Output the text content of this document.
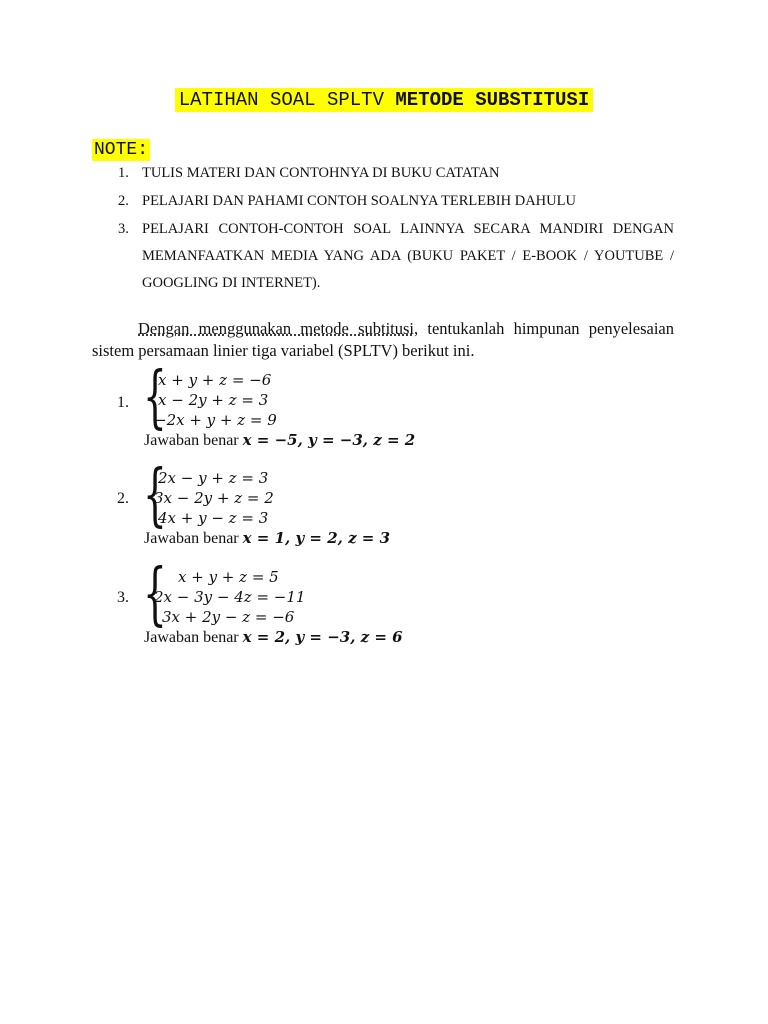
LATIHAN SOAL SPLTV METODE SUBSTITUSI
NOTE:
1. TULIS MATERI DAN CONTOHNYA DI BUKU CATATAN
2. PELAJARI DAN PAHAMI CONTOH SOALNYA TERLEBIH DAHULU
3. PELAJARI CONTOH-CONTOH SOAL LAINNYA SECARA MANDIRI DENGAN MEMANFAATKAN MEDIA YANG ADA (BUKU PAKET / E-BOOK / YOUTUBE / GOOGLING DI INTERNET).
Dengan menggunakan metode subtitusi, tentukanlah himpunan penyelesaian sistem persamaan linier tiga variabel (SPLTV) berikut ini.
1. {
x + y + z = −6
x − 2y + z = 3
−2x + y + z = 9
Jawaban benar x = −5, y = −3, z = 2
2. {
2x − y + z = 3
3x − 2y + z = 2
4x + y − z = 3
Jawaban benar x = 1, y = 2, z = 3
3. { x + y + z = 5
2x − 3y − 4z = −11
3x + 2y − z = −6
Jawaban benar x = 2, y = −3, z = 6
